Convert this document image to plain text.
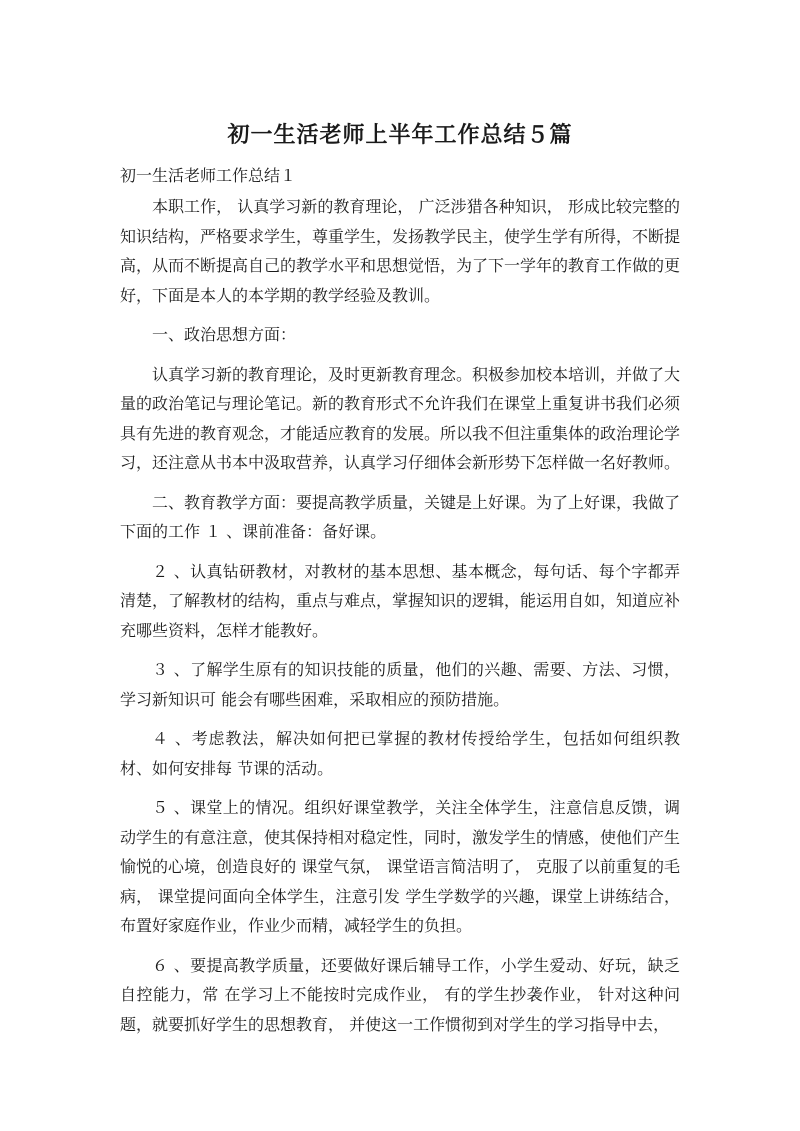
初一生活老师上半年工作总结５篇
初一生活老师工作总结１

本职工作， 认真学习新的教育理论， 广泛涉猎各种知识， 形成比较完整的知识结构，严格要求学生，尊重学生，发扬教学民主，使学生学有所得，不断提高，从而不断提高自己的教学水平和思想觉悟，为了下一学年的教育工作做的更好，下面是本人的本学期的教学经验及教训。

一、政治思想方面：

认真学习新的教育理论，及时更新教育理念。积极参加校本培训，并做了大量的政治笔记与理论笔记。新的教育形式不允许我们在课堂上重复讲书我们必须具有先进的教育观念，才能适应教育的发展。所以我不但注重集体的政治理论学习，还注意从书本中汲取营养，认真学习仔细体会新形势下怎样做一名好教师。

二、教育教学方面：要提高教学质量，关键是上好课。为了上好课，我做了下面的工作 １ 、课前准备：备好课。

２ 、认真钻研教材，对教材的基本思想、基本概念，每句话、每个字都弄清楚，了解教材的结构，重点与难点，掌握知识的逻辑，能运用自如，知道应补充哪些资料，怎样才能教好。

３ 、了解学生原有的知识技能的质量，他们的兴趣、需要、方法、习惯，学习新知识可 能会有哪些困难，采取相应的预防措施。

４ 、考虑教法，解决如何把已掌握的教材传授给学生，包括如何组织教材、如何安排每 节课的活动。

５ 、课堂上的情况。组织好课堂教学，关注全体学生，注意信息反馈，调动学生的有意注意，使其保持相对稳定性，同时，激发学生的情感，使他们产生愉悦的心境，创造良好的 课堂气氛， 课堂语言简洁明了， 克服了以前重复的毛病， 课堂提问面向全体学生，注意引发 学生学数学的兴趣，课堂上讲练结合，布置好家庭作业，作业少而精，减轻学生的负担。

６ 、要提高教学质量，还要做好课后辅导工作，小学生爱动、好玩，缺乏自控能力，常 在学习上不能按时完成作业， 有的学生抄袭作业， 针对这种问题，就要抓好学生的思想教育， 并使这一工作惯彻到对学生的学习指导中去，
